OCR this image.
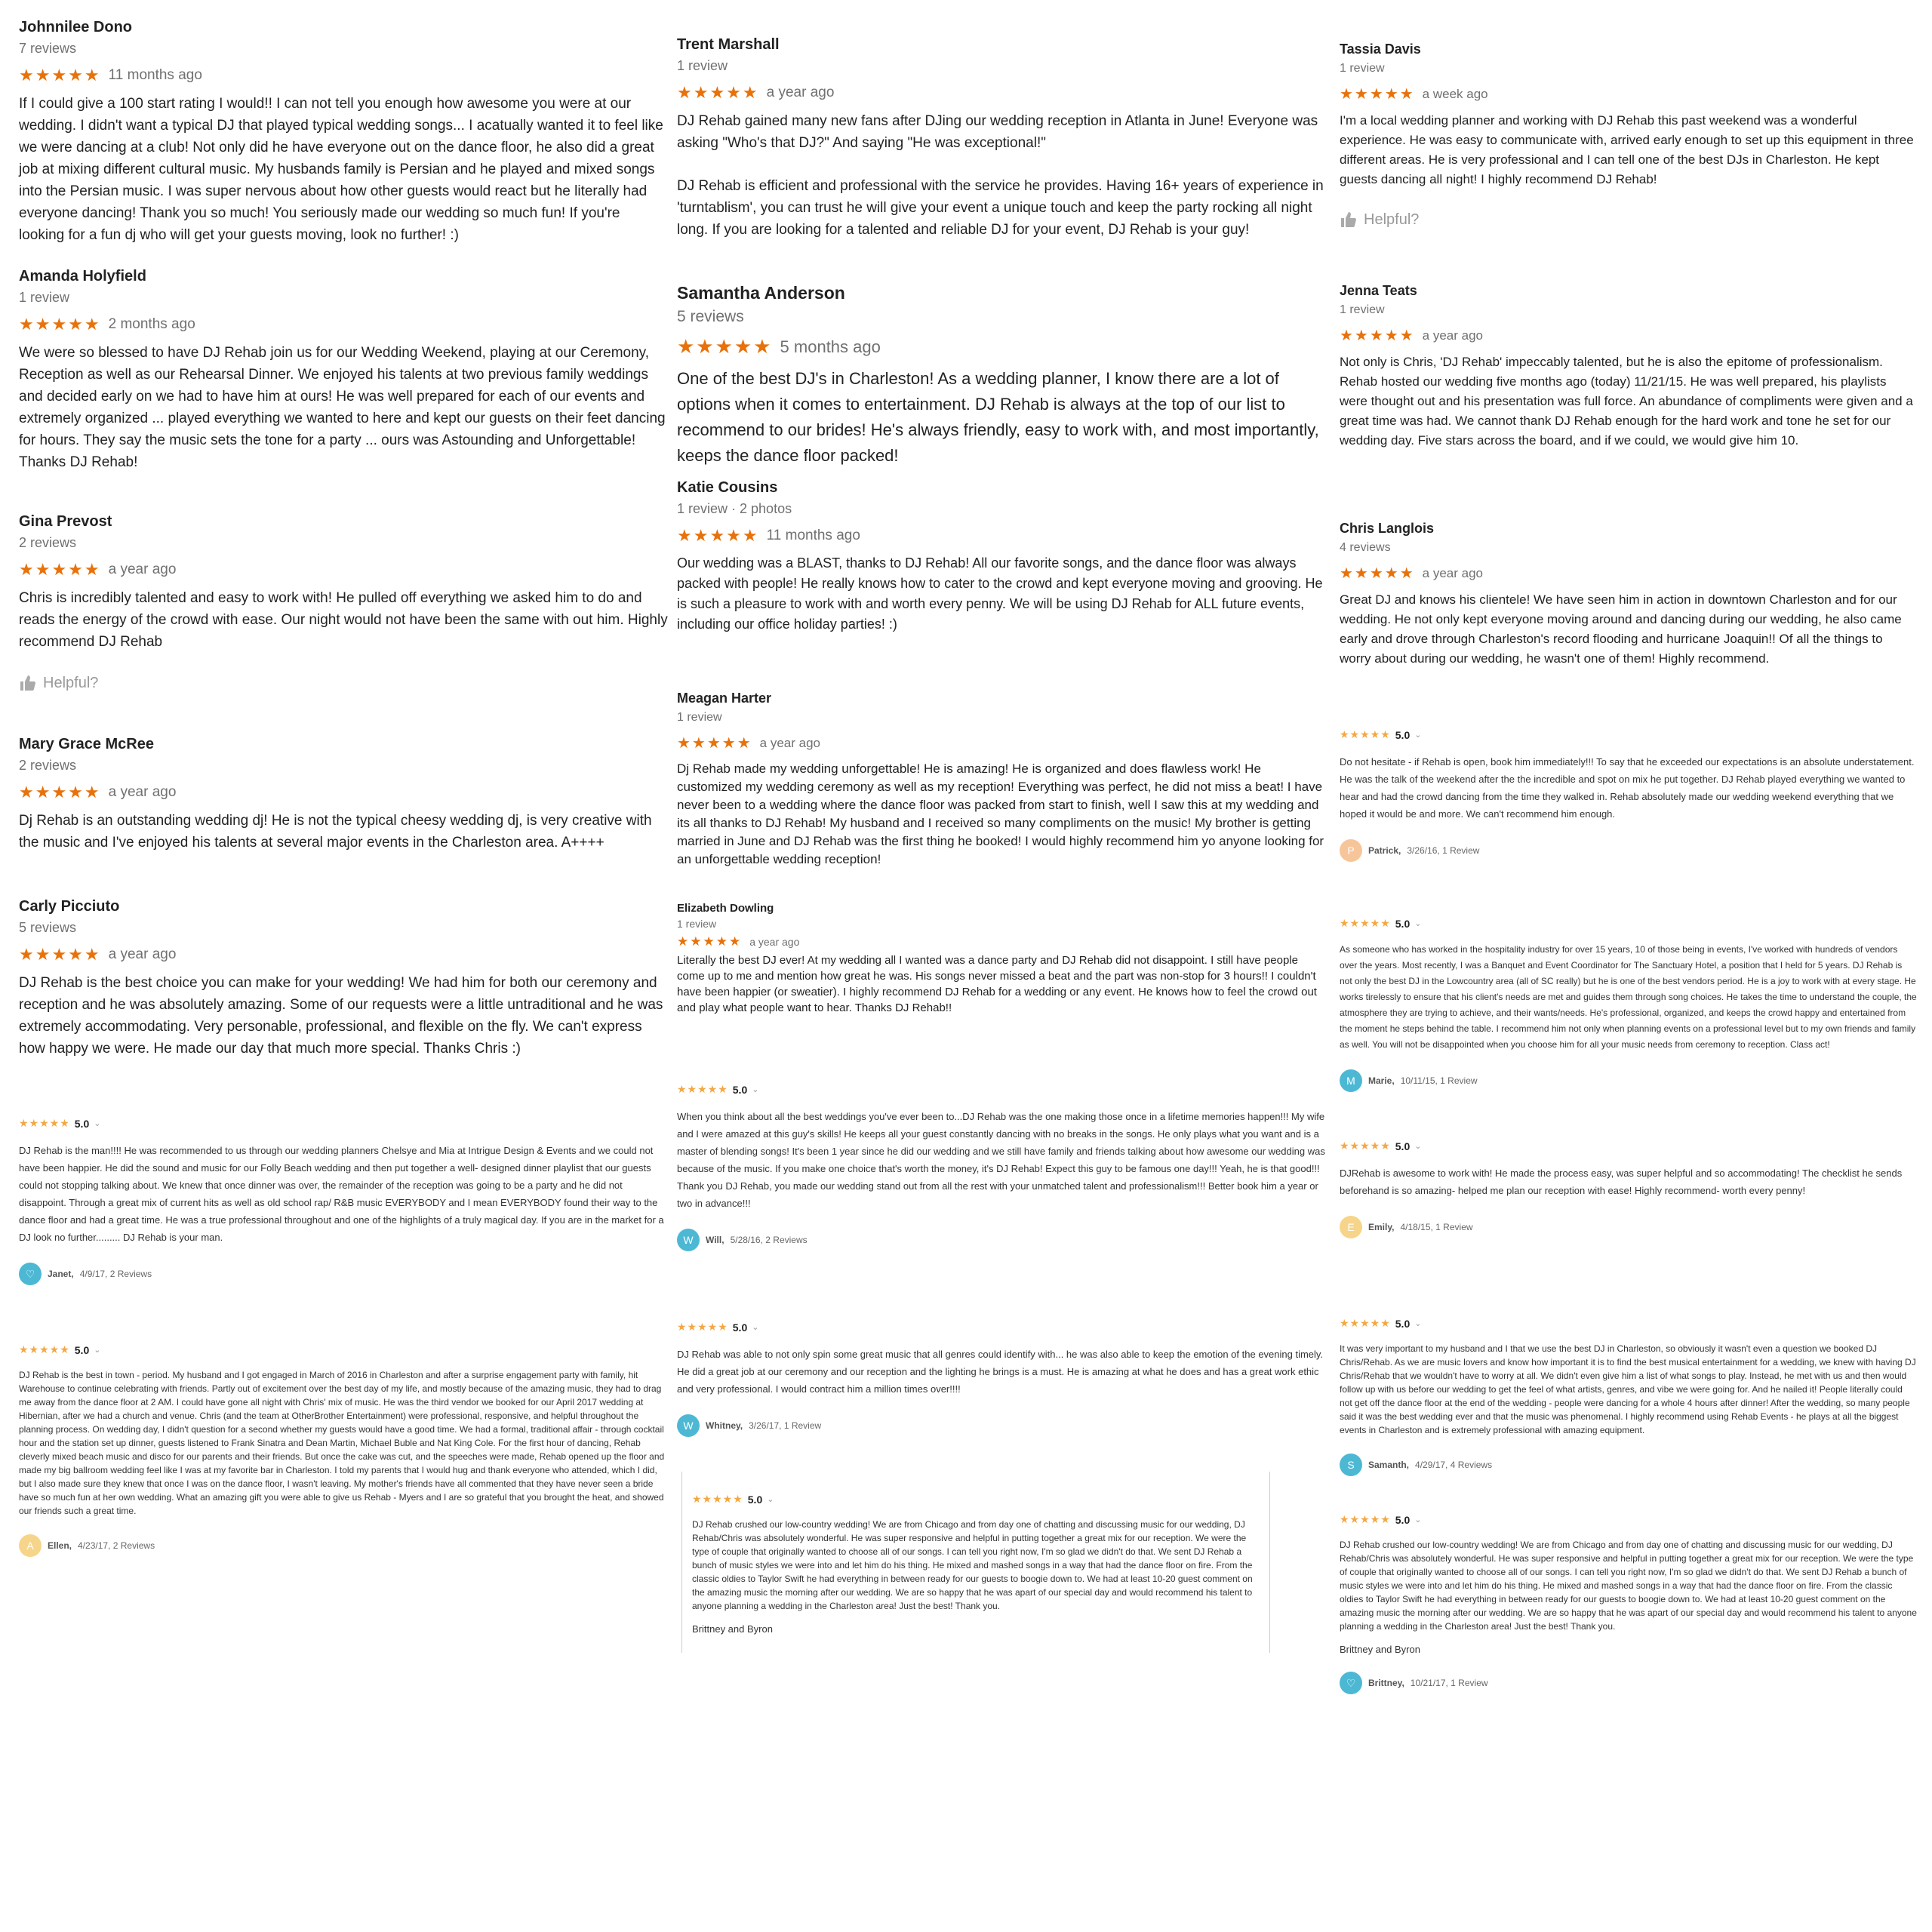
Johnnilee Dono
7 reviews
★★★★★ 11 months ago
If I could give a 100 start rating I would!! I can not tell you enough how awesome you were at our wedding. I didn't want a typical DJ that played typical wedding songs... I acatually wanted it to feel like we were dancing at a club! Not only did he have everyone out on the dance floor, he also did a great job at mixing different cultural music. My husbands family is Persian and he played and mixed songs into the Persian music. I was super nervous about how other guests would react but he literally had everyone dancing! Thank you so much! You seriously made our wedding so much fun! If you're looking for a fun dj who will get your guests moving, look no further! :)
Amanda Holyfield
1 review
★★★★★ 2 months ago
We were so blessed to have DJ Rehab join us for our Wedding Weekend, playing at our Ceremony, Reception as well as our Rehearsal Dinner. We enjoyed his talents at two previous family weddings and decided early on we had to have him at ours! He was well prepared for each of our events and extremely organized ... played everything we wanted to here and kept our guests on their feet dancing for hours. They say the music sets the tone for a party ... ours was Astounding and Unforgettable! Thanks DJ Rehab!
Gina Prevost
2 reviews
★★★★★ a year ago
Chris is incredibly talented and easy to work with! He pulled off everything we asked him to do and reads the energy of the crowd with ease. Our night would not have been the same with out him. Highly recommend DJ Rehab
Helpful?
Mary Grace McRee
2 reviews
★★★★★ a year ago
Dj Rehab is an outstanding wedding dj! He is not the typical cheesy wedding dj, is very creative with the music and I've enjoyed his talents at several major events in the Charleston area. A++++
Carly Picciuto
5 reviews
★★★★★ a year ago
DJ Rehab is the best choice you can make for your wedding! We had him for both our ceremony and reception and he was absolutely amazing. Some of our requests were a little untraditional and he was extremely accommodating. Very personable, professional, and flexible on the fly. We can't express how happy we were. He made our day that much more special. Thanks Chris :)
★★★★★ 5.0 ⌄
DJ Rehab is the man!!!! He was recommended to us through our wedding planners Chelsye and Mia at Intrigue Design & Events and we could not have been happier. He did the sound and music for our Folly Beach wedding and then put together a well- designed dinner playlist that our guests could not stopping talking about. We knew that once dinner was over, the remainder of the reception was going to be a party and he did not disappoint. Through a great mix of current hits as well as old school rap/ R&B music EVERYBODY and I mean EVERYBODY found their way to the dance floor and had a great time. He was a true professional throughout and one of the highlights of a truly magical day. If you are in the market for a DJ look no further......... DJ Rehab is your man.
♡	Janet, 4/9/17, 2 Reviews
★★★★★ 5.0 ⌄
DJ Rehab is the best in town - period. My husband and I got engaged in March of 2016 in Charleston and after a surprise engagement party with family, hit Warehouse to continue celebrating with friends. Partly out of excitement over the best day of my life, and mostly because of the amazing music, they had to drag me away from the dance floor at 2 AM. I could have gone all night with Chris' mix of music. He was the third vendor we booked for our April 2017 wedding at Hibernian, after we had a church and venue. Chris (and the team at OtherBrother Entertainment) were professional, responsive, and helpful throughout the planning process. On wedding day, I didn't question for a second whether my guests would have a good time. We had a formal, traditional affair - through cocktail hour and the station set up dinner, guests listened to Frank Sinatra and Dean Martin, Michael Buble and Nat King Cole. For the first hour of dancing, Rehab cleverly mixed beach music and disco for our parents and their friends. But once the cake was cut, and the speeches were made, Rehab opened up the floor and made my big ballroom wedding feel like I was at my favorite bar in Charleston. I told my parents that I would hug and thank everyone who attended, which I did, but I also made sure they knew that once I was on the dance floor, I wasn't leaving. My mother's friends have all commented that they have never seen a bride have so much fun at her own wedding. What an amazing gift you were able to give us Rehab - Myers and I are so grateful that you brought the heat, and showed our friends such a great time.
A	Ellen, 4/23/17, 2 Reviews
Trent Marshall
1 review
★★★★★ a year ago
DJ Rehab gained many new fans after DJing our wedding reception in Atlanta in June! Everyone was asking "Who's that DJ?" And saying "He was exceptional!"
DJ Rehab is efficient and professional with the service he provides. Having 16+ years of experience in 'turntablism', you can trust he will give your event a unique touch and keep the party rocking all night long. If you are looking for a talented and reliable DJ for your event, DJ Rehab is your guy!
Samantha Anderson
5 reviews
★★★★★ 5 months ago
One of the best DJ's in Charleston! As a wedding planner, I know there are a lot of options when it comes to entertainment. DJ Rehab is always at the top of our list to recommend to our brides! He's always friendly, easy to work with, and most importantly, keeps the dance floor packed!
Katie Cousins
1 review · 2 photos
★★★★★ 11 months ago
Our wedding was a BLAST, thanks to DJ Rehab! All our favorite songs, and the dance floor was always packed with people! He really knows how to cater to the crowd and kept everyone moving and grooving. He is such a pleasure to work with and worth every penny. We will be using DJ Rehab for ALL future events, including our office holiday parties! :)
Meagan Harter
1 review
★★★★★ a year ago
Dj Rehab made my wedding unforgettable! He is amazing! He is organized and does flawless work! He customized my wedding ceremony as well as my reception! Everything was perfect, he did not miss a beat! I have never been to a wedding where the dance floor was packed from start to finish, well I saw this at my wedding and its all thanks to DJ Rehab! My husband and I received so many compliments on the music! My brother is getting married in June and DJ Rehab was the first thing he booked! I would highly recommend him yo anyone looking for an unforgettable wedding reception!
Elizabeth Dowling
1 review
★★★★★ a year ago
Literally the best DJ ever! At my wedding all I wanted was a dance party and DJ Rehab did not disappoint. I still have people come up to me and mention how great he was. His songs never missed a beat and the part was non-stop for 3 hours!! I couldn't have been happier (or sweatier). I highly recommend DJ Rehab for a wedding or any event. He knows how to feel the crowd out and play what people want to hear. Thanks DJ Rehab!!
★★★★★ 5.0 ⌄
When you think about all the best weddings you've ever been to...DJ Rehab was the one making those once in a lifetime memories happen!!! My wife and I were amazed at this guy's skills! He keeps all your guest constantly dancing with no breaks in the songs. He only plays what you want and is a master of blending songs! It's been 1 year since he did our wedding and we still have family and friends talking about how awesome our wedding was because of the music. If you make one choice that's worth the money, it's DJ Rehab! Expect this guy to be famous one day!!! Yeah, he is that good!!! Thank you DJ Rehab, you made our wedding stand out from all the rest with your unmatched talent and professionalism!!! Better book him a year or two in advance!!!
W	Will, 5/28/16, 2 Reviews
★★★★★ 5.0 ⌄
DJ Rehab was able to not only spin some great music that all genres could identify with... he was also able to keep the emotion of the evening timely. He did a great job at our ceremony and our reception and the lighting he brings is a must. He is amazing at what he does and has a great work ethic and very professional. I would contract him a million times over!!!!
W	Whitney, 3/26/17, 1 Review
★★★★★ 5.0 ⌄
DJ Rehab crushed our low-country wedding! We are from Chicago and from day one of chatting and discussing music for our wedding, DJ Rehab/Chris was absolutely wonderful. He was super responsive and helpful in putting together a great mix for our reception. We were the type of couple that originally wanted to choose all of our songs. I can tell you right now, I'm so glad we didn't do that. We sent DJ Rehab a bunch of music styles we were into and let him do his thing. He mixed and mashed songs in a way that had the dance floor on fire. From the classic oldies to Taylor Swift he had everything in between ready for our guests to boogie down to. We had at least 10-20 guest comment on the amazing music the morning after our wedding. We are so happy that he was apart of our special day and would recommend his talent to anyone planning a wedding in the Charleston area! Just the best! Thank you.
Brittney and Byron
Tassia Davis
1 review
★★★★★ a week ago
I'm a local wedding planner and working with DJ Rehab this past weekend was a wonderful experience. He was easy to communicate with, arrived early enough to set up this equipment in three different areas. He is very professional and I can tell one of the best DJs in Charleston. He kept guests dancing all night! I highly recommend DJ Rehab!
Helpful?
Jenna Teats
1 review
★★★★★ a year ago
Not only is Chris, 'DJ Rehab' impeccably talented, but he is also the epitome of professionalism. Rehab hosted our wedding five months ago (today) 11/21/15. He was well prepared, his playlists were thought out and his presentation was full force. An abundance of compliments were given and a great time was had. We cannot thank DJ Rehab enough for the hard work and tone he set for our wedding day. Five stars across the board, and if we could, we would give him 10.
Chris Langlois
4 reviews
★★★★★ a year ago
Great DJ and knows his clientele! We have seen him in action in downtown Charleston and for our wedding. He not only kept everyone moving around and dancing during our wedding, he also came early and drove through Charleston's record flooding and hurricane Joaquin!! Of all the things to worry about during our wedding, he wasn't one of them! Highly recommend.
★★★★★ 5.0 ⌄
Do not hesitate - if Rehab is open, book him immediately!!! To say that he exceeded our expectations is an absolute understatement. He was the talk of the weekend after the the incredible and spot on mix he put together. DJ Rehab played everything we wanted to hear and had the crowd dancing from the time they walked in. Rehab absolutely made our wedding weekend everything that we hoped it would be and more. We can't recommend him enough.
P	Patrick, 3/26/16, 1 Review
★★★★★ 5.0 ⌄
As someone who has worked in the hospitality industry for over 15 years, 10 of those being in events, I've worked with hundreds of vendors over the years. Most recently, I was a Banquet and Event Coordinator for The Sanctuary Hotel, a position that I held for 5 years. DJ Rehab is not only the best DJ in the Lowcountry area (all of SC really) but he is one of the best vendors period. He is a joy to work with at every stage. He works tirelessly to ensure that his client's needs are met and guides them through song choices. He takes the time to understand the couple, the atmosphere they are trying to achieve, and their wants/needs. He's professional, organized, and keeps the crowd happy and entertained from the moment he steps behind the table. I recommend him not only when planning events on a professional level but to my own friends and family as well. You will not be disappointed when you choose him for all your music needs from ceremony to reception. Class act!
M	Marie, 10/11/15, 1 Review
★★★★★ 5.0 ⌄
DJRehab is awesome to work with! He made the process easy, was super helpful and so accommodating! The checklist he sends beforehand is so amazing- helped me plan our reception with ease! Highly recommend- worth every penny!
E	Emily, 4/18/15, 1 Review
★★★★★ 5.0 ⌄
It was very important to my husband and I that we use the best DJ in Charleston, so obviously it wasn't even a question we booked DJ Chris/Rehab. As we are music lovers and know how important it is to find the best musical entertainment for a wedding, we knew with having DJ Chris/Rehab that we wouldn't have to worry at all. We didn't even give him a list of what songs to play. Instead, he met with us and then would follow up with us before our wedding to get the feel of what artists, genres, and vibe we were going for. And he nailed it! People literally could not get off the dance floor at the end of the wedding - people were dancing for a whole 4 hours after dinner! After the wedding, so many people said it was the best wedding ever and that the music was phenomenal. I highly recommend using Rehab Events - he plays at all the biggest events in Charleston and is extremely professional with amazing equipment.
S	Samanth, 4/29/17, 4 Reviews
★★★★★ 5.0 ⌄
DJ Rehab crushed our low-country wedding! We are from Chicago and from day one of chatting and discussing music for our wedding, DJ Rehab/Chris was absolutely wonderful. He was super responsive and helpful in putting together a great mix for our reception. We were the type of couple that originally wanted to choose all of our songs. I can tell you right now, I'm so glad we didn't do that. We sent DJ Rehab a bunch of music styles we were into and let him do his thing. He mixed and mashed songs in a way that had the dance floor on fire. From the classic oldies to Taylor Swift he had everything in between ready for our guests to boogie down to. We had at least 10-20 guest comment on the amazing music the morning after our wedding. We are so happy that he was apart of our special day and would recommend his talent to anyone planning a wedding in the Charleston area! Just the best! Thank you.
Brittney and Byron
♡	Brittney, 10/21/17, 1 Review
